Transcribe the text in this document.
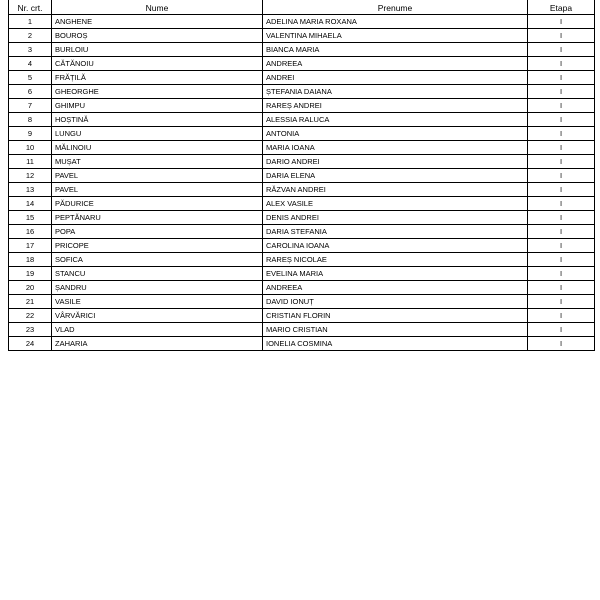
Nr. crt.	Nume	Prenume	Etapa
1	ANGHENE	ADELINA MARIA ROXANA	I
2	BOUROȘ	VALENTINA MIHAELA	I
3	BURLOIU	BIANCA MARIA	I
4	CĂTĂNOIU	ANDREEA	I
5	FRĂȚILĂ	ANDREI	I
6	GHEORGHE	ȘTEFANIA DAIANA	I
7	GHIMPU	RAREȘ ANDREI	I
8	HOȘTINĂ	ALESSIA RALUCA	I
9	LUNGU	ANTONIA	I
10	MĂLINOIU	MARIA IOANA	I
11	MUȘAT	DARIO ANDREI	I
12	PAVEL	DARIA ELENA	I
13	PAVEL	RĂZVAN ANDREI	I
14	PĂDURICE	ALEX VASILE	I
15	PEPTĂNARU	DENIS ANDREI	I
16	POPA	DARIA STEFANIA	I
17	PRICOPE	CAROLINA IOANA	I
18	SOFICA	RAREȘ NICOLAE	I
19	STANCU	EVELINA MARIA	I
20	ȘANDRU	ANDREEA	I
21	VASILE	DAVID IONUȚ	I
22	VÂRVĂRICI	CRISTIAN FLORIN	I
23	VLAD	MARIO CRISTIAN	I
24	ZAHARIA	IONELIA COSMINA	I
